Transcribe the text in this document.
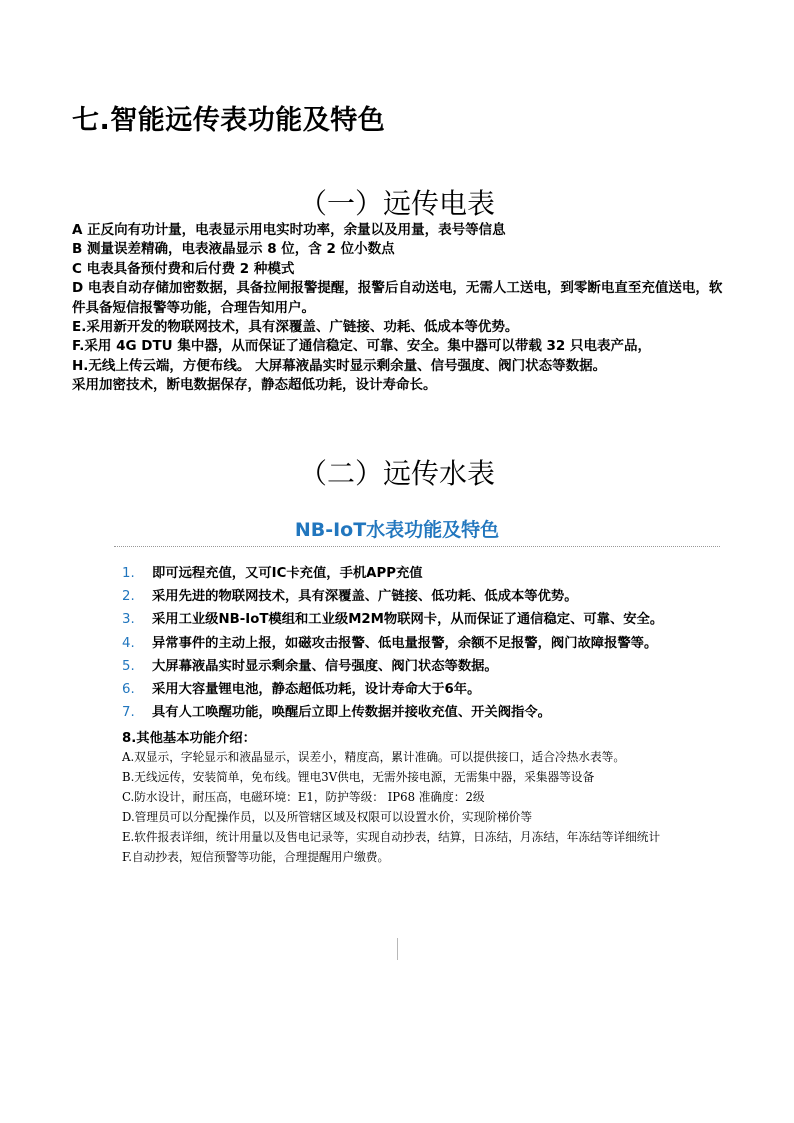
七.智能远传表功能及特色
（一）远传电表
A 正反向有功计量，电表显示用电实时功率，余量以及用量，表号等信息
B 测量误差精确，电表液晶显示 8 位，含 2 位小数点
C 电表具备预付费和后付费 2 种模式
D 电表自动存储加密数据，具备拉闸报警提醒，报警后自动送电，无需人工送电，到零断电直至充值送电，软件具备短信报警等功能，合理告知用户。
E.采用新开发的物联网技术，具有深覆盖、广链接、功耗、低成本等优势。
F.采用 4G DTU 集中器，从而保证了通信稳定、可靠、安全。集中器可以带载 32 只电表产品，
H.无线上传云端，方便布线。 大屏幕液晶实时显示剩余量、信号强度、阀门状态等数据。
采用加密技术，断电数据保存，静态超低功耗，设计寿命长。
（二）远传水表
NB-IoT水表功能及特色
1. 即可远程充值，又可IC卡充值，手机APP充值
2. 采用先进的物联网技术，具有深覆盖、广链接、低功耗、低成本等优势。
3. 采用工业级NB-IoT模组和工业级M2M物联网卡，从而保证了通信稳定、可靠、安全。
4. 异常事件的主动上报，如磁攻击报警、低电量报警，余额不足报警，阀门故障报警等。
5. 大屏幕液晶实时显示剩余量、信号强度、阀门状态等数据。
6. 采用大容量锂电池，静态超低功耗，设计寿命大于6年。
7. 具有人工唤醒功能，唤醒后立即上传数据并接收充值、开关阀指令。
8.其他基本功能介绍：
A.双显示，字轮显示和液晶显示，误差小，精度高，累计准确。可以提供接口，适合冷热水表等。
B.无线远传，安装简单，免布线。锂电3V供电，无需外接电源，无需集中器，采集器等设备
C.防水设计，耐压高，电磁环境：E1，防护等级： IP68 准确度：2级
D.管理员可以分配操作员，以及所管辖区域及权限可以设置水价，实现阶梯价等
E.软件报表详细，统计用量以及售电记录等，实现自动抄表，结算，日冻结，月冻结，年冻结等详细统计
F.自动抄表，短信预警等功能，合理提醒用户缴费。
